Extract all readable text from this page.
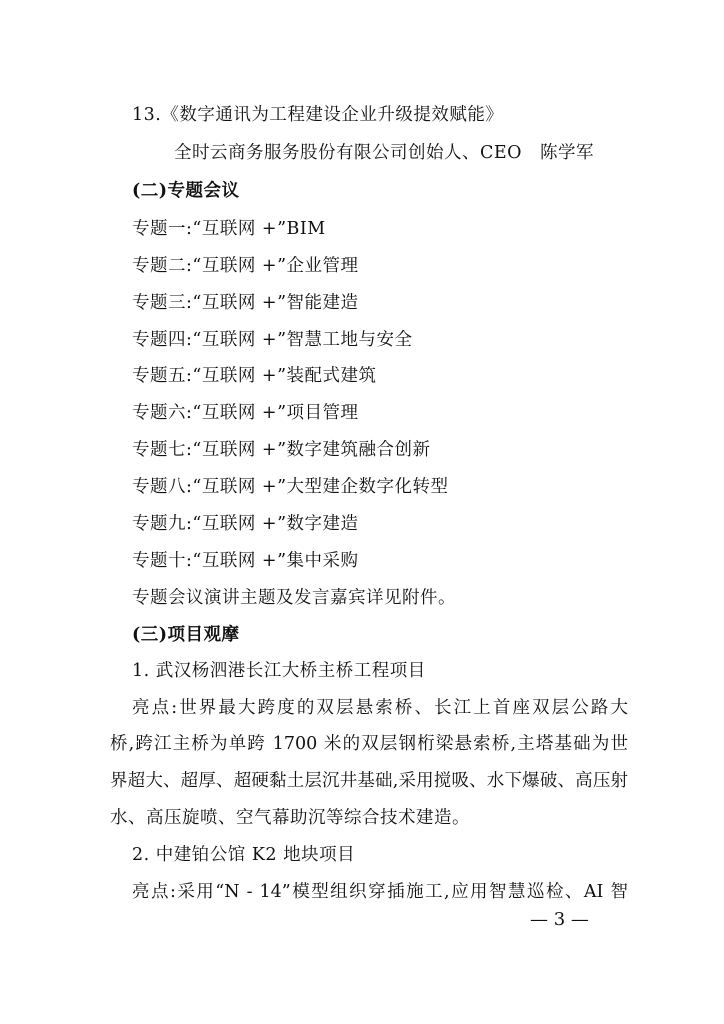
13.《数字通讯为工程建设企业升级提效赋能》
全时云商务服务股份有限公司创始人、CEO　陈学军
(二)专题会议
专题一:“互联网 +”BIM
专题二:“互联网 +”企业管理
专题三:“互联网 +”智能建造
专题四:“互联网 +”智慧工地与安全
专题五:“互联网 +”装配式建筑
专题六:“互联网 +”项目管理
专题七:“互联网 +”数字建筑融合创新
专题八:“互联网 +”大型建企数字化转型
专题九:“互联网 +”数字建造
专题十:“互联网 +”集中采购
专题会议演讲主题及发言嘉宾详见附件。
(三)项目观摩
1. 武汉杨泗港长江大桥主桥工程项目
亮点:世界最大跨度的双层悬索桥、长江上首座双层公路大
桥,跨江主桥为单跨 1700 米的双层钢桁梁悬索桥,主塔基础为世
界超大、超厚、超硬黏土层沉井基础,采用搅吸、水下爆破、高压射
水、高压旋喷、空气幕助沉等综合技术建造。
2. 中建铂公馆 K2 地块项目
亮点:采用“N - 14”模型组织穿插施工,应用智慧巡检、AI 智
— 3 —
